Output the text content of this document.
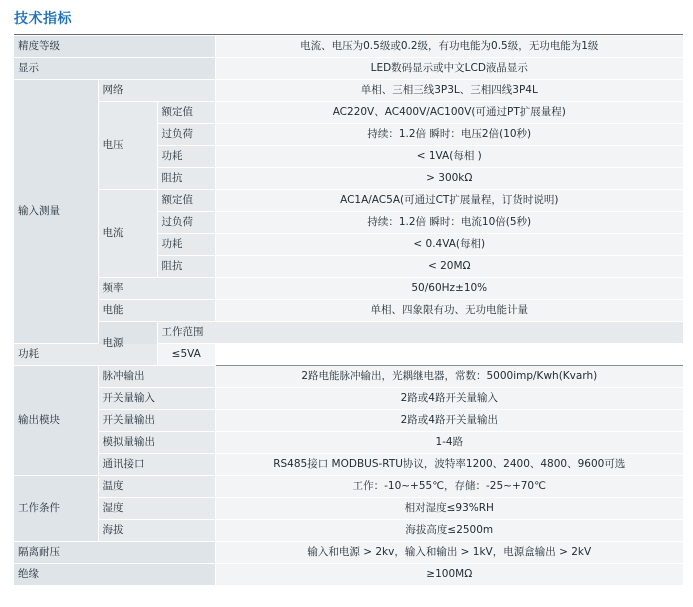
技术指标
精度等级			电流、电压为0.5级或0.2级，有功电能为0.5级，无功电能为1级	
显示			LED数码显示或中文LCD液晶显示	
输入测量	网络		单相、三相三线3P3L、三相四线3P4L	
	电压	额定值	AC220V、AC400V/AC100V(可通过PT扩展量程)	
		过负荷	持续：1.2倍 瞬时：电压2倍(10秒)	
		功耗	< 1VA(每相 )	
		阻抗	> 300kΩ	
	电流	额定值	AC1A/AC5A(可通过CT扩展量程，订货时说明)	
		过负荷	持续：1.2倍 瞬时：电流10倍(5秒)	
		功耗	< 0.4VA(每相)	
		阻抗	< 20MΩ	
	频率		50/60Hz±10%	
	电能		单相、四象限有功、无功电能计量	
	电源	工作范围	
功耗		≤5VA		
输出模块	脉冲输出		2路电能脉冲输出，光耦继电器，常数：5000imp/Kwh(Kvarh)	
	开关量输入		2路或4路开关量输入	
	开关量输出		2路或4路开关量输出	
	模拟量输出		1-4路	
	通讯接口		RS485接口 MODBUS-RTU协议，波特率1200、2400、4800、9600可选	
工作条件	温度		工作：-10~+55℃，存储：-25~+70℃	
	湿度		相对湿度≤93%RH	
	海拔		海拔高度≤2500m	
隔离耐压			输入和电源 > 2kv，输入和输出 > 1kV，电源盒输出 > 2kV	
绝缘			≥100MΩ	
